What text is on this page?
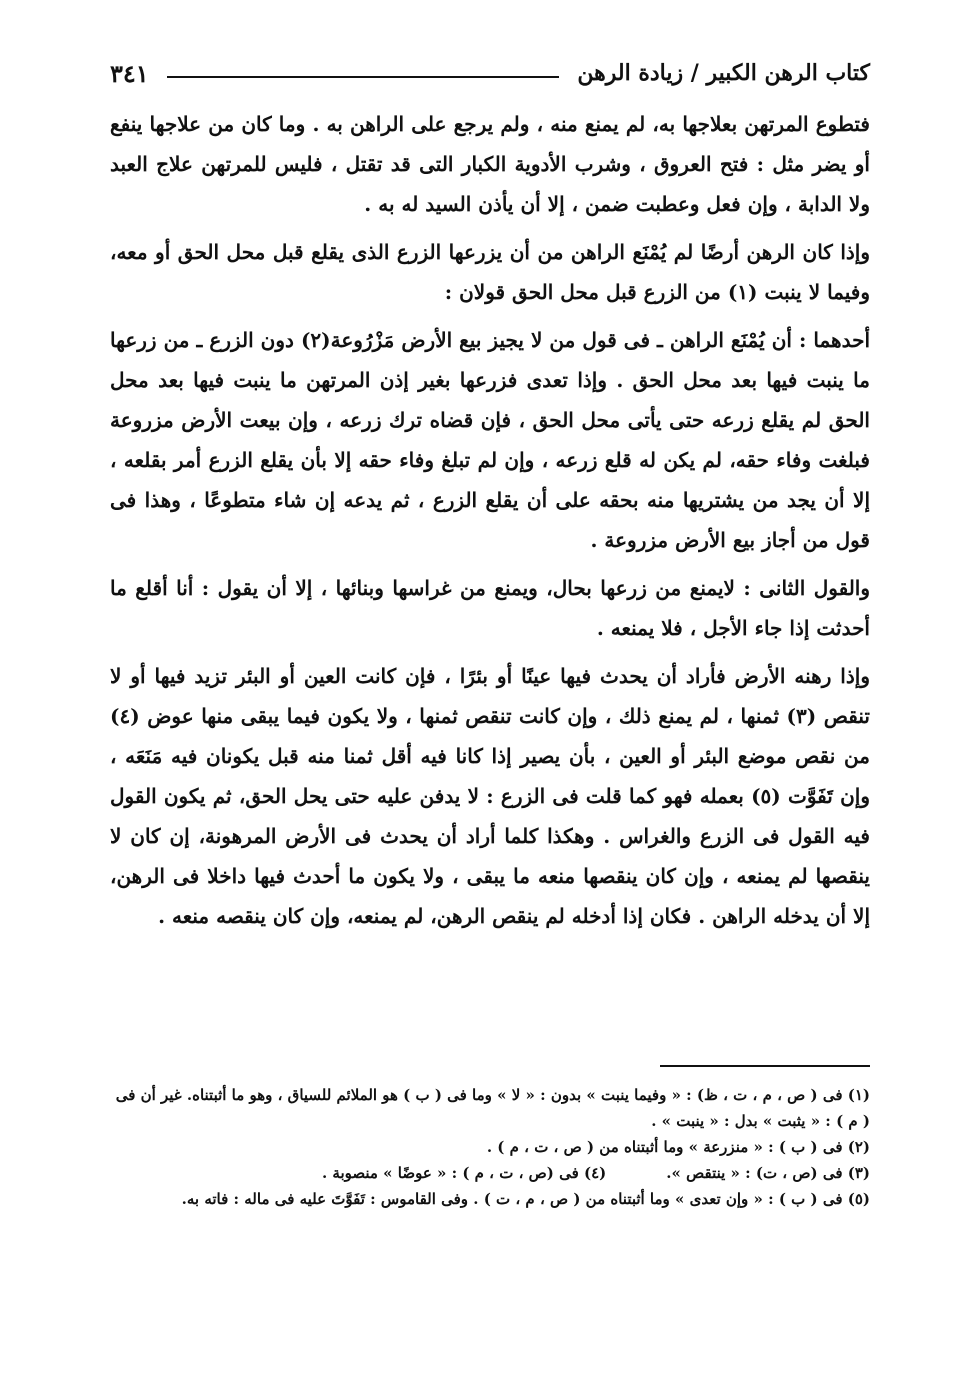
كتاب الرهن الكبير / زيادة الرهن
٣٤١

فتطوع المرتهن بعلاجها به، لم يمنع منه ، ولم يرجع على الراهن به . وما كان من علاجها ينفع أو يضر مثل : فتح العروق ، وشرب الأدوية الكبار التى قد تقتل ، فليس للمرتهن علاج العبد ولا الدابة ، وإن فعل وعطبت ضمن ، إلا أن يأذن السيد له به .

وإذا كان الرهن أرضًا لم يُمْنَع الراهن من أن يزرعها الزرع الذى يقلع قبل محل الحق أو معه، وفيما لا ينبت (١) من الزرع قبل محل الحق قولان :

أحدهما : أن يُمْنَع الراهن ـ فى قول من لا يجيز بيع الأرض مَزْرُوعة(٢) دون الزرع ـ من زرعها ما ينبت فيها بعد محل الحق . وإذا تعدى فزرعها بغير إذن المرتهن ما ينبت فيها بعد محل الحق لم يقلع زرعه حتى يأتى محل الحق ، فإن قضاه ترك زرعه ، وإن بيعت الأرض مزروعة فبلغت وفاء حقه، لم يكن له قلع زرعه ، وإن لم تبلغ وفاء حقه إلا بأن يقلع الزرع أمر بقلعه ، إلا أن يجد من يشتريها منه بحقه على أن يقلع الزرع ، ثم يدعه إن شاء متطوعًا ، وهذا فى قول من أجاز بيع الأرض مزروعة .

والقول الثانى : لايمنع من زرعها بحال، ويمنع من غراسها وبنائها ، إلا أن يقول : أنا أقلع ما أحدثت إذا جاء الأجل ، فلا يمنعه .

وإذا رهنه الأرض فأراد أن يحدث فيها عينًا أو بئرًا ، فإن كانت العين أو البئر تزيد فيها أو لا تنقص (٣) ثمنها ، لم يمنع ذلك ، وإن كانت تنقص ثمنها ، ولا يكون فيما يبقى منها عوض (٤) من نقص موضع البئر أو العين ، بأن يصير إذا كانا فيه أقل ثمنا منه قبل يكونان فيه مَنَعَه ، وإن تَفَوَّت (٥) بعمله فهو كما قلت فى الزرع : لا يدفن عليه حتى يحل الحق، ثم يكون القول فيه القول فى الزرع والغراس . وهكذا كلما أراد أن يحدث فى الأرض المرهونة، إن كان لا ينقصها لم يمنعه ، وإن كان ينقصها منعه ما يبقى ، ولا يكون ما أحدث فيها داخلا فى الرهن، إلا أن يدخله الراهن . فكان إذا أدخله لم ينقص الرهن، لم يمنعه، وإن كان ينقصه منعه .

(١) فى ( ص ، م ، ت ، ظ) : « وفيما ينبت » بدون : « لا » وما فى ( ب ) هو الملائم للسياق ، وهو ما أثبتناه. غير أن فى ( م ) : « يثبت » بدل : « ينبت » .

(٢) فى ( ب ) : « منزرعة » وما أثبتناه من ( ص ، ت ، م ) .

(٣) فى (ص ، ت) : « ينتقص ».

(٤) فى (ص ، ت ، م ) : « عوضًا » منصوبة .

(٥) فى ( ب ) : « وإن تعدى » وما أثبتناه من ( ص ، م ، ت ) . وفى القاموس : تَفَوَّتَ عليه فى ماله : فاته به.
